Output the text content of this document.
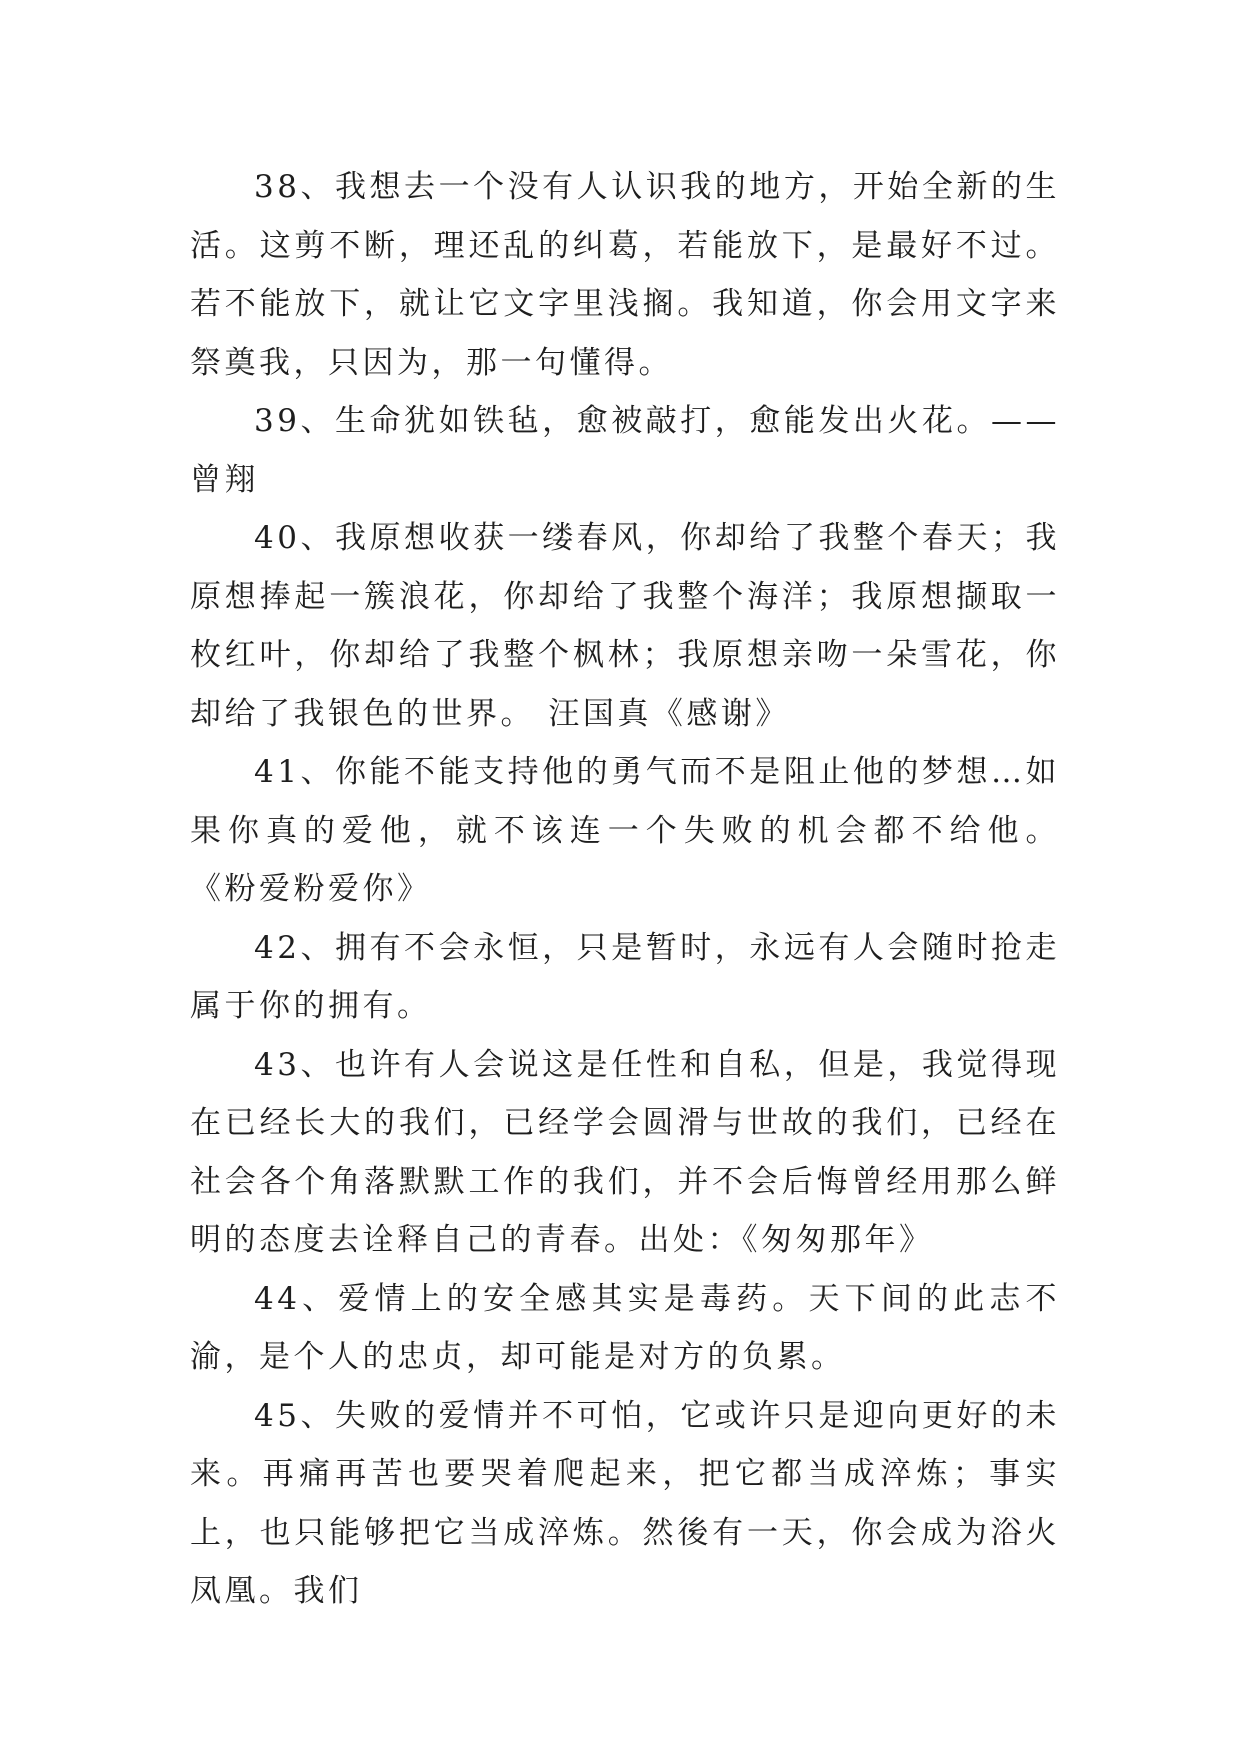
38、我想去一个没有人认识我的地方，开始全新的生活。这剪不断，理还乱的纠葛，若能放下，是最好不过。若不能放下，就让它文字里浅搁。我知道，你会用文字来祭奠我，只因为，那一句懂得。

39、生命犹如铁毡，愈被敲打，愈能发出火花。——曾翔

40、我原想收获一缕春风，你却给了我整个春天；我原想捧起一簇浪花，你却给了我整个海洋；我原想撷取一枚红叶，你却给了我整个枫林；我原想亲吻一朵雪花，你却给了我银色的世界。 汪国真《感谢》

41、你能不能支持他的勇气而不是阻止他的梦想…如果你真的爱他，就不该连一个失败的机会都不给他。 《粉爱粉爱你》

42、拥有不会永恒，只是暂时，永远有人会随时抢走属于你的拥有。

43、也许有人会说这是任性和自私，但是，我觉得现在已经长大的我们，已经学会圆滑与世故的我们，已经在社会各个角落默默工作的我们，并不会后悔曾经用那么鲜明的态度去诠释自己的青春。出处：《匆匆那年》

44、爱情上的安全感其实是毒药。天下间的此志不渝，是个人的忠贞，却可能是对方的负累。

45、失败的爱情并不可怕，它或许只是迎向更好的未来。再痛再苦也要哭着爬起来，把它都当成淬炼；事实上，也只能够把它当成淬炼。然後有一天，你会成为浴火凤凰。我们
